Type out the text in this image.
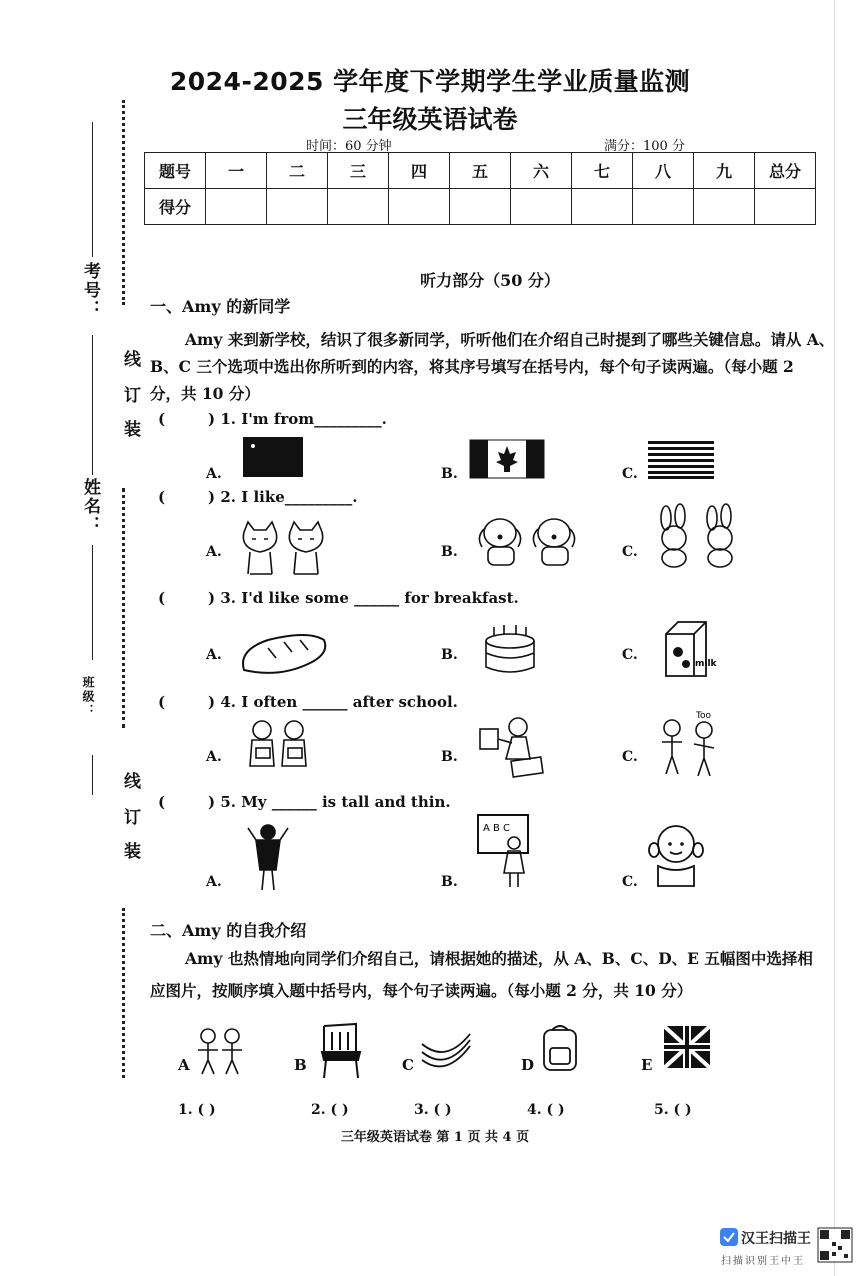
2024-2025 学年度下学期学生学业质量监测
三年级英语试卷
时间：60 分钟	满分：100 分
题号	一	二	三	四	五	六	七	八	九	总分
得分										
考号：
姓名：
班级：
线
订
装
线
订
装
听力部分（50 分）
一、Amy 的新同学
Amy 来到新学校，结识了很多新同学，听听他们在介绍自己时提到了哪些关键信息。请从 A、
B、C 三个选项中选出你所听到的内容，将其序号填写在括号内，每个句子读两遍。（每小题 2
分，共 10 分）
(	) 1. I'm from_________.
A.	B.	C.
(	) 2. I like_________.
A.	B.	C.
(	) 3. I'd like some ______ for breakfast.
A.	B.	C.
milk
(	) 4. I often ______ after school.
A.	B.	C.
Too
(	) 5. My ______ is tall and thin.
A.	B.	C.
A B C
二、Amy 的自我介绍
Amy 也热情地向同学们介绍自己，请根据她的描述，从 A、B、C、D、E 五幅图中选择相
应图片，按顺序填入题中括号内，每个句子读两遍。（每小题 2 分，共 10 分）
A	B	C	D	E
1. ( )	2. ( )	3. ( )	4. ( )	5. ( )
三年级英语试卷 第 1 页 共 4 页
汉王扫描王
扫描识别王中王
